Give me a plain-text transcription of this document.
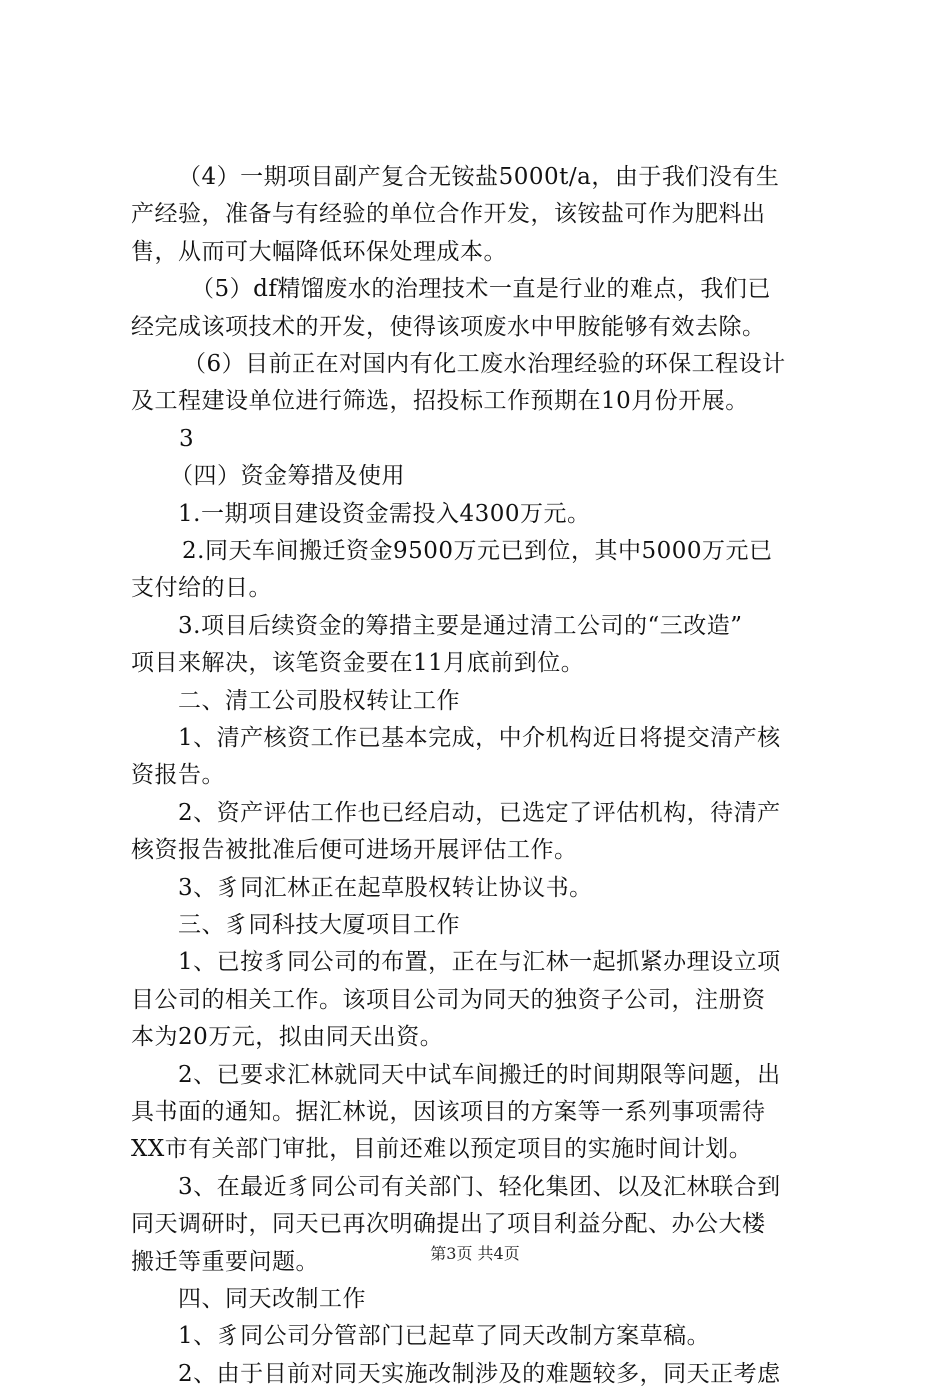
（4）一期项目副产复合无铵盐5000t/a，由于我们没有生
产经验，准备与有经验的单位合作开发，该铵盐可作为肥料出
售，从而可大幅降低环保处理成本。
（5）df精馏废水的治理技术一直是行业的难点，我们已
经完成该项技术的开发，使得该项废水中甲胺能够有效去除。
（6）目前正在对国内有化工废水治理经验的环保工程设计
及工程建设单位进行筛选，招投标工作预期在10月份开展。
3
（四）资金筹措及使用
1.一期项目建设资金需投入4300万元。
2.同天车间搬迁资金9500万元已到位，其中5000万元已
支付给的日。
3.项目后续资金的筹措主要是通过清工公司的“三改造”
项目来解决，该笔资金要在11月底前到位。
二、清工公司股权转让工作
1、清产核资工作已基本完成，中介机构近日将提交清产核
资报告。
2、资产评估工作也已经启动，已选定了评估机构，待清产
核资报告被批准后便可进场开展评估工作。
3、豸同汇林正在起草股权转让协议书。
三、豸同科技大厦项目工作
1、已按豸同公司的布置，正在与汇林一起抓紧办理设立项
目公司的相关工作。该项目公司为同天的独资子公司，注册资
本为20万元，拟由同天出资。
2、已要求汇林就同天中试车间搬迁的时间期限等问题，出
具书面的通知。据汇林说，因该项目的方案等一系列事项需待
XX市有关部门审批，目前还难以预定项目的实施时间计划。
3、在最近豸同公司有关部门、轻化集团、以及汇林联合到
同天调研时，同天已再次明确提出了项目利益分配、办公大楼
搬迁等重要问题。
四、同天改制工作
1、豸同公司分管部门已起草了同天改制方案草稿。
2、由于目前对同天实施改制涉及的难题较多，同天正考虑
第3页 共4页
